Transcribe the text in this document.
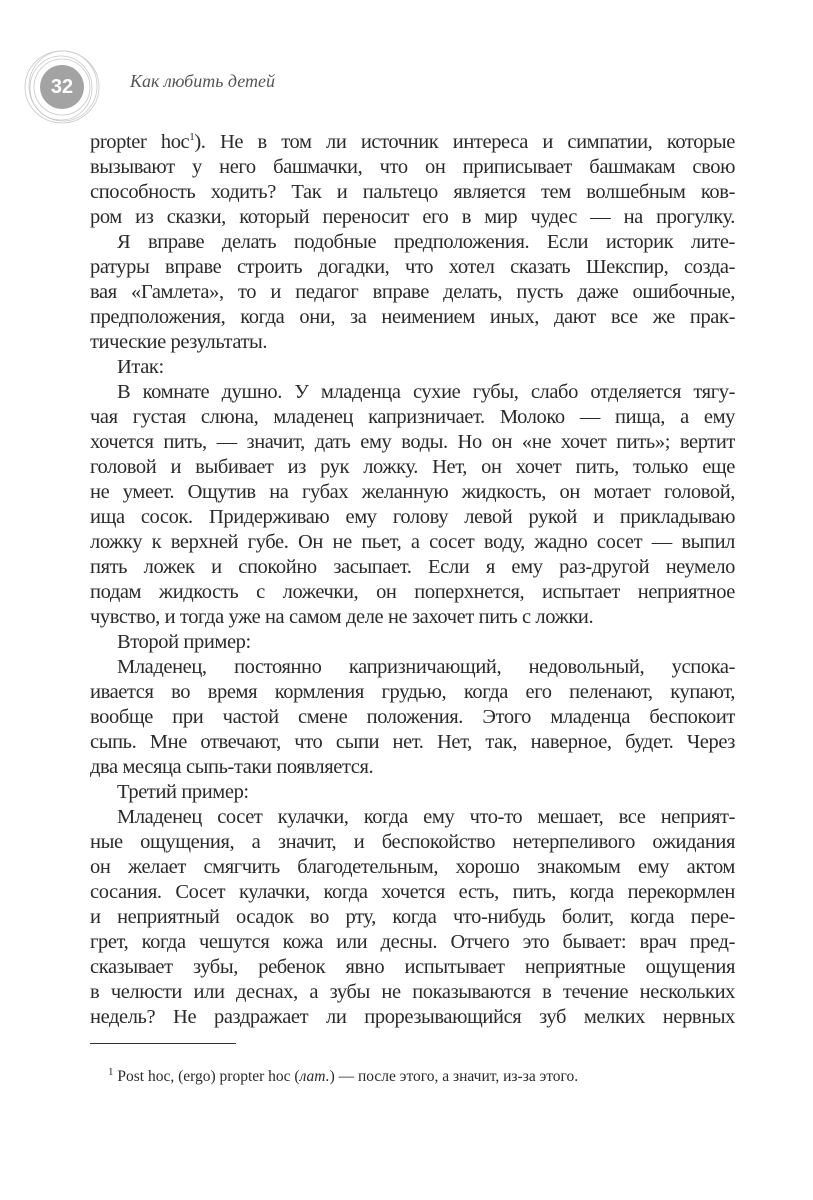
32	Как любить детей
propter hoc$^1$). Не в том ли источник интереса и симпатии, которые
вызывают у него башмачки, что он приписывает башмакам свою
способность ходить? Так и пальтецо является тем волшебным ков-
ром из сказки, который переносит его в мир чудес — на прогулку.
Я вправе делать подобные предположения. Если историк лите-
ратуры вправе строить догадки, что хотел сказать Шекспир, созда-
вая «Гамлета», то и педагог вправе делать, пусть даже ошибочные,
предположения, когда они, за неимением иных, дают все же прак-
тические результаты.
Итак:
В комнате душно. У младенца сухие губы, слабо отделяется тягу-
чая густая слюна, младенец капризничает. Молоко — пища, а ему
хочется пить, — значит, дать ему воды. Но он «не хочет пить»; вертит
головой и выбивает из рук ложку. Нет, он хочет пить, только еще
не умеет. Ощутив на губах желанную жидкость, он мотает головой,
ища сосок. Придерживаю ему голову левой рукой и прикладываю
ложку к верхней губе. Он не пьет, а сосет воду, жадно сосет — выпил
пять ложек и спокойно засыпает. Если я ему раз-другой неумело
подам жидкость с ложечки, он поперхнется, испытает неприятное
чувство, и тогда уже на самом деле не захочет пить с ложки.
Второй пример:
Младенец, постоянно капризничающий, недовольный, успока-
ивается во время кормления грудью, когда его пеленают, купают,
вообще при частой смене положения. Этого младенца беспокоит
сыпь. Мне отвечают, что сыпи нет. Нет, так, наверное, будет. Через
два месяца сыпь-таки появляется.
Третий пример:
Младенец сосет кулачки, когда ему что-то мешает, все неприят-
ные ощущения, а значит, и беспокойство нетерпеливого ожидания
он желает смягчить благодетельным, хорошо знакомым ему актом
сосания. Сосет кулачки, когда хочется есть, пить, когда перекормлен
и неприятный осадок во рту, когда что-нибудь болит, когда пере-
грет, когда чешутся кожа или десны. Отчего это бывает: врач пред-
сказывает зубы, ребенок явно испытывает неприятные ощущения
в челюсти или деснах, а зубы не показываются в течение нескольких
недель? Не раздражает ли прорезывающийся зуб мелких нервных
$^1$ Post hoc, (ergo) propter hoc (лат.) — после этого, а значит, из-за этого.
